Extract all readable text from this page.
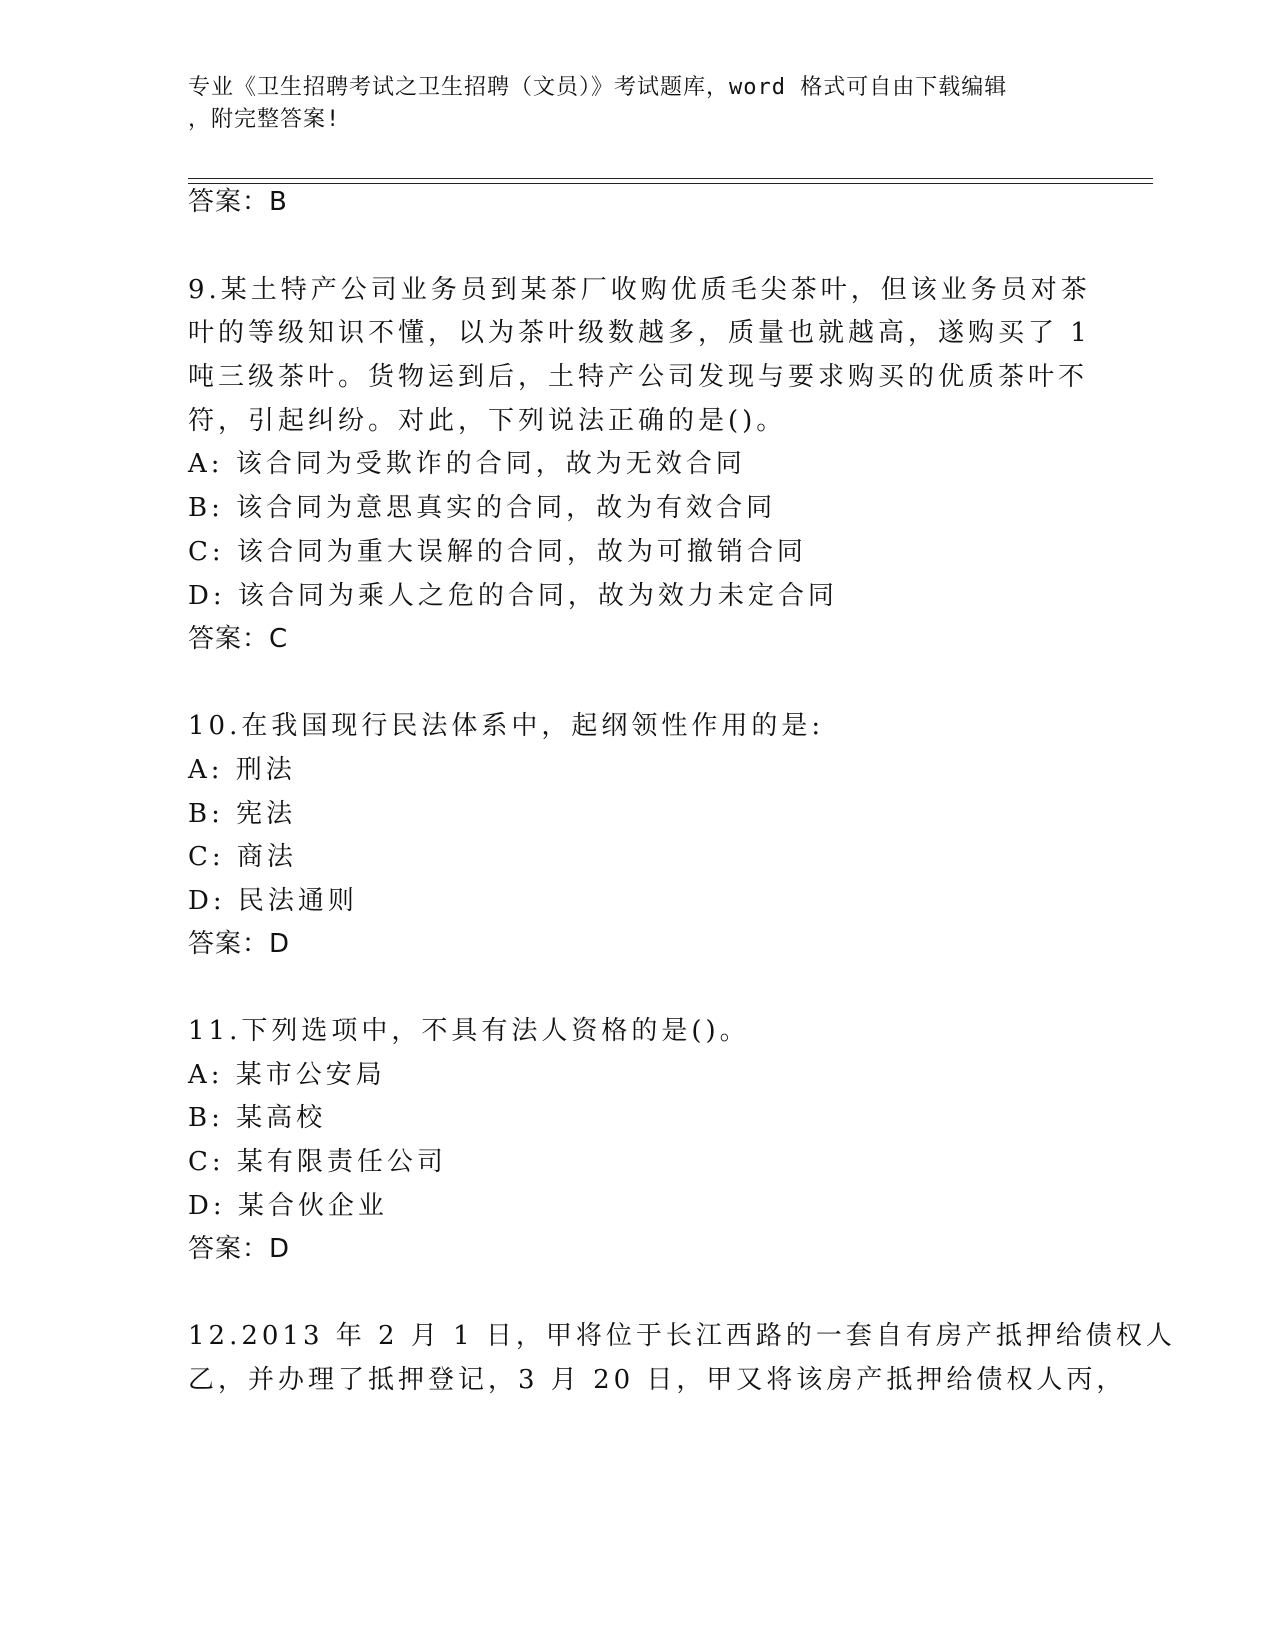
专业《卫生招聘考试之卫生招聘（文员）》考试题库，word 格式可自由下载编辑
，附完整答案!
答案：B
9.某土特产公司业务员到某茶厂收购优质毛尖茶叶，但该业务员对茶
叶的等级知识不懂，以为茶叶级数越多，质量也就越高，遂购买了 1
吨三级茶叶。货物运到后，土特产公司发现与要求购买的优质茶叶不
符，引起纠纷。对此，下列说法正确的是()。
A: 该合同为受欺诈的合同，故为无效合同
B: 该合同为意思真实的合同，故为有效合同
C: 该合同为重大误解的合同，故为可撤销合同
D: 该合同为乘人之危的合同，故为效力未定合同
答案：C
10.在我国现行民法体系中，起纲领性作用的是:
A: 刑法
B: 宪法
C: 商法
D: 民法通则
答案：D
11.下列选项中，不具有法人资格的是()。
A: 某市公安局
B: 某高校
C: 某有限责任公司
D: 某合伙企业
答案：D
12.2013 年 2 月 1 日，甲将位于长江西路的一套自有房产抵押给债权人
乙，并办理了抵押登记，3 月 20 日，甲又将该房产抵押给债权人丙，
